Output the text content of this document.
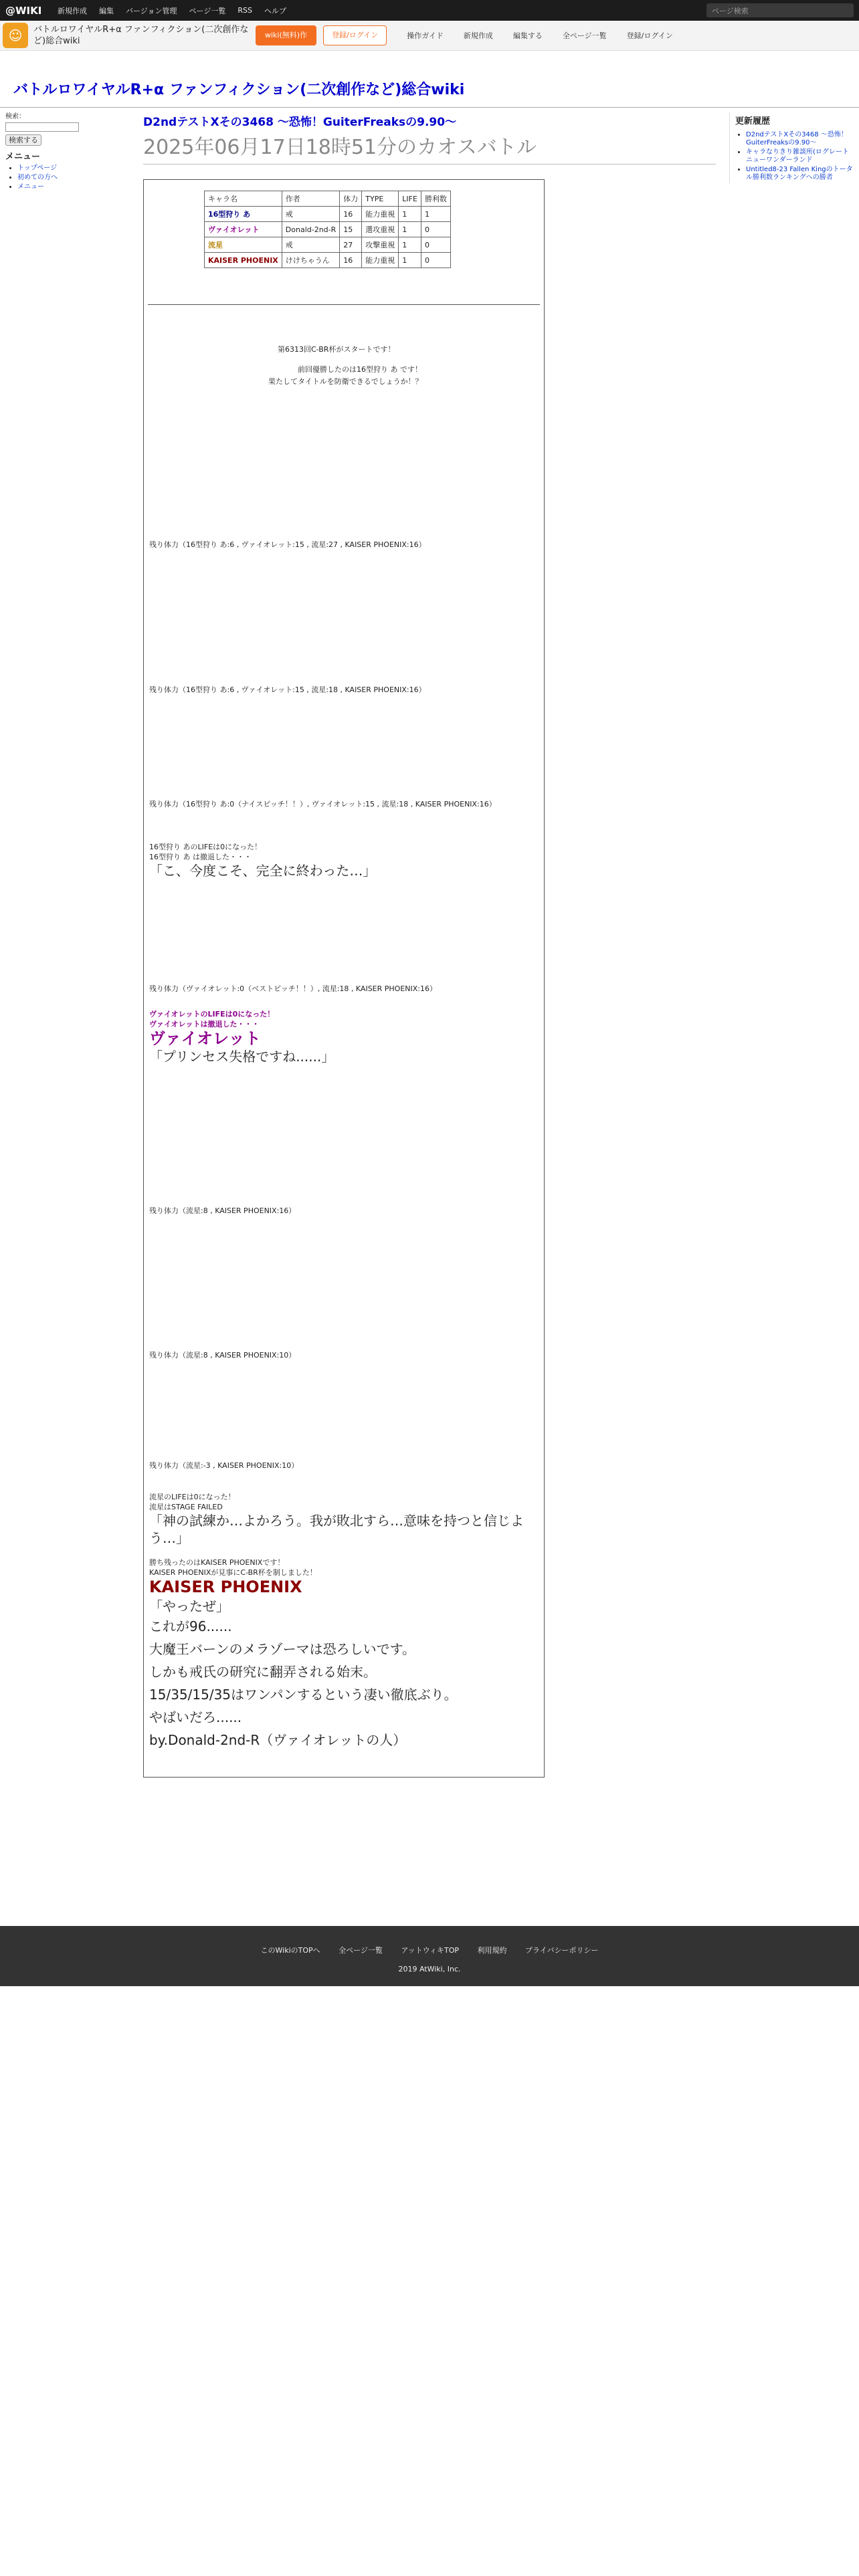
@WIKI	新規作成 編集 バージョン管理 ページ一覧 RSS ヘルプ	ページ検索
☺	バトルロワイヤルR+α ファンフィクション(二次創作など)総合wiki
wiki(無料)作	登録/ログイン	操作ガイド	新規作成	編集する	全ページ一覧	登録/ログイン
バトルロワイヤルR+α ファンフィクション(二次創作など)総合wiki
検索：
検索する
メニュー
• トップページ
• 初めての方へ
• メニュー
D2ndテストXその3468 ～恐怖！GuiterFreaksの9.90～
2025年06月17日18時51分のカオスバトル
キャラ名	作者	体力	TYPE	LIFE	勝利数
16型狩り あ	戒	16	能力重視	1	1
ヴァイオレット	Donald-2nd-R	15	選攻重視	1	0
流星	戒	27	攻撃重視	1	0
KAISER PHOENIX	けけちゃうん	16	能力重視	1	0
第6313回C-BR杯がスタートです！
前回優勝したのは16型狩り あ です！
果たしてタイトルを防衛できるでしょうか！？
残り体力（16型狩り あ:6 , ヴァイオレット:15 , 流星:27 , KAISER PHOENIX:16）
残り体力（16型狩り あ:6 , ヴァイオレット:15 , 流星:18 , KAISER PHOENIX:16）
残り体力（16型狩り あ:0（ナイスピッチ！！）, ヴァイオレット:15 , 流星:18 , KAISER PHOENIX:16）
16型狩り あのLIFEは0になった！
16型狩り あ は撤退した・・・
「こ、今度こそ、完全に終わった…」
残り体力（ヴァイオレット:0（ベストピッチ！！）, 流星:18 , KAISER PHOENIX:16）
ヴァイオレットのLIFEは0になった！
ヴァイオレットは撤退した・・・
ヴァイオレット
「プリンセス失格ですね......」
残り体力（流星:8 , KAISER PHOENIX:16）
残り体力（流星:8 , KAISER PHOENIX:10）
残り体力（流星:-3 , KAISER PHOENIX:10）
流星のLIFEは0になった！
流星はSTAGE FAILED
「神の試練か…よかろう。我が敗北すら…意味を持つと信じよう…」
勝ち残ったのはKAISER PHOENIXです！
KAISER PHOENIXが見事にC-BR杯を制しました！
KAISER PHOENIX
「やったぜ」
これが96......
大魔王バーンのメラゾーマは恐ろしいです。
しかも戒氏の研究に翻弄される始末。
15/35/15/35はワンパンするという凄い徹底ぶり。
やばいだろ......
by.Donald-2nd-R（ヴァイオレットの人）
更新履歴
• D2ndテストXその3468 ～恐怖！GuiterFreaksの9.90～
• キャラなりきり雑談所(ログレートニューワンダーランド
• Untitled8-23 Fallen Kingのトータル勝利数ランキングへの勝者
このWikiのTOPへ	全ページ一覧	アットウィキTOP	利用規約	プライバシーポリシー
2019 AtWiki, Inc.
